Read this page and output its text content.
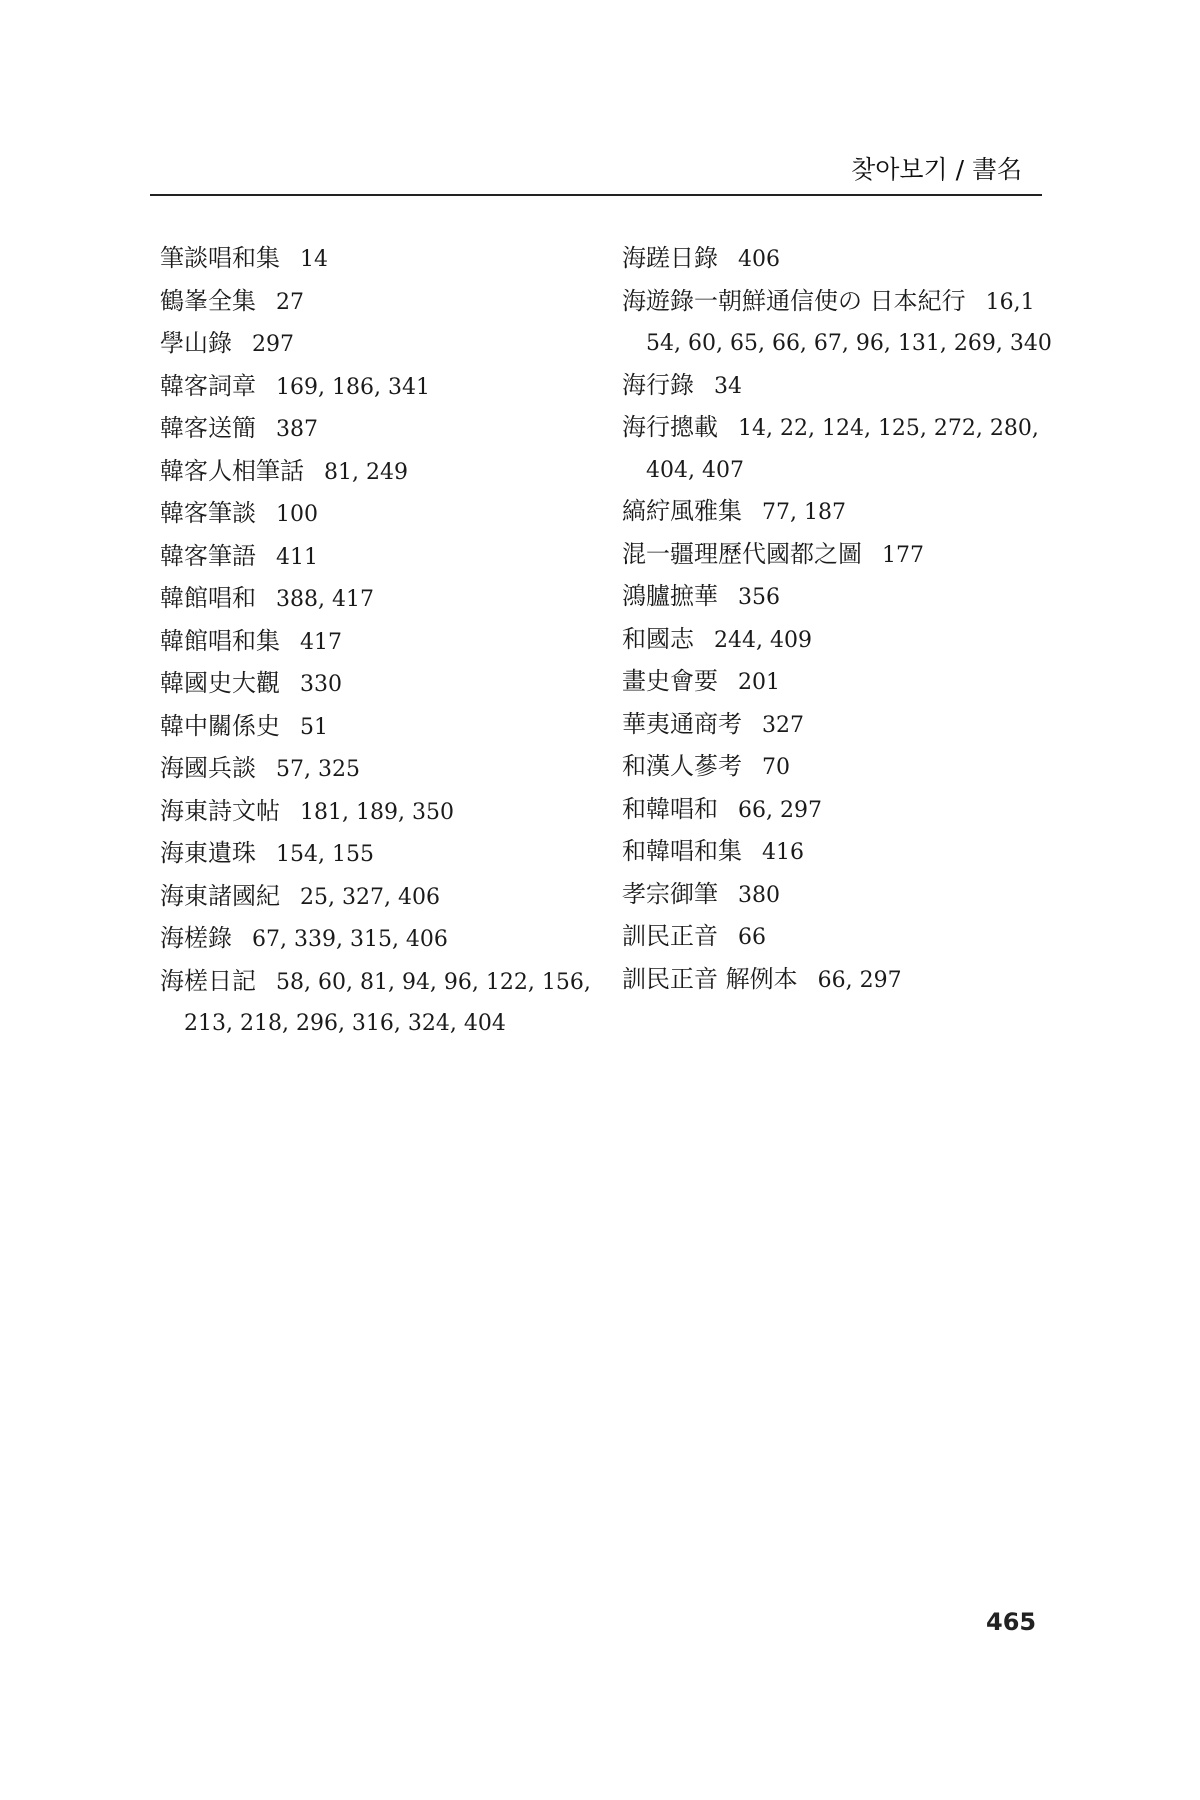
찾아보기 / 書名
筆談唱和集 14
鶴峯全集 27
學山錄 297
韓客詞章 169, 186, 341
韓客送簡 387
韓客人相筆話 81, 249
韓客筆談 100
韓客筆語 411
韓館唱和 388, 417
韓館唱和集 417
韓國史大觀 330
韓中關係史 51
海國兵談 57, 325
海東詩文帖 181, 189, 350
海東遺珠 154, 155
海東諸國紀 25, 327, 406
海槎錄 67, 339, 315, 406
海槎日記 58, 60, 81, 94, 96, 122, 156,
213, 218, 296, 316, 324, 404
海蹉日錄 406
海遊錄一朝鮮通信使の 日本紀行 16,1
54, 60, 65, 66, 67, 96, 131, 269, 340
海行錄 34
海行摠載 14, 22, 124, 125, 272, 280,
404, 407
縞紵風雅集 77, 187
混一疆理歷代國都之圖 177
鴻臚摭華 356
和國志 244, 409
畫史會要 201
華夷通商考 327
和漢人蔘考 70
和韓唱和 66, 297
和韓唱和集 416
孝宗御筆 380
訓民正音 66
訓民正音 解例本 66, 297
465
